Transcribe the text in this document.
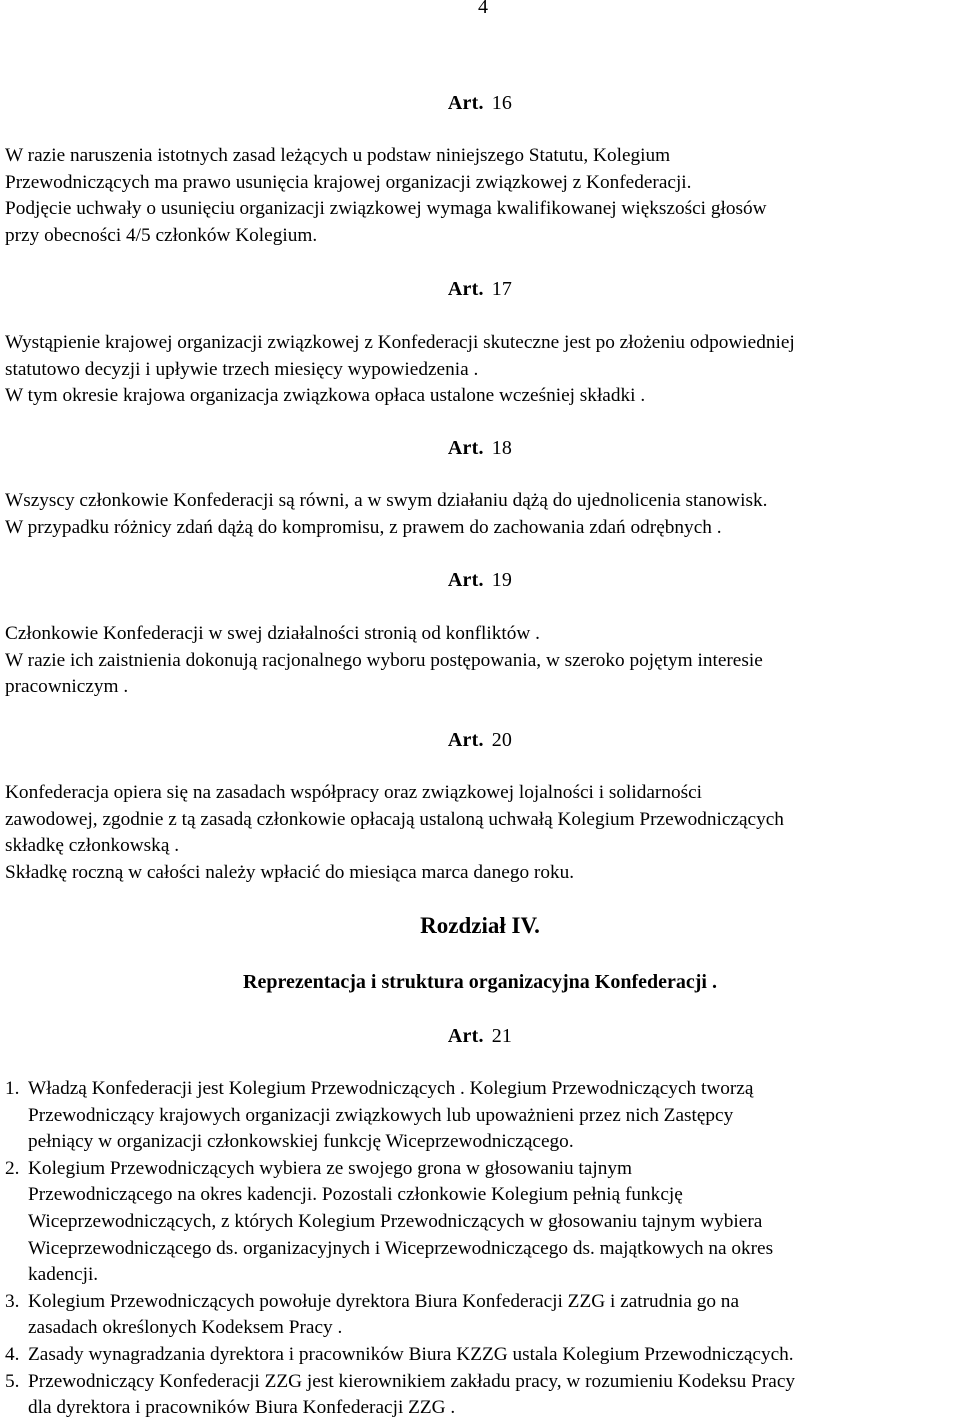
4
Art. 16
W razie naruszenia istotnych zasad leżących u podstaw niniejszego Statutu, Kolegium
Przewodniczących ma prawo usunięcia krajowej organizacji związkowej z Konfederacji.
Podjęcie uchwały o usunięciu organizacji związkowej wymaga kwalifikowanej większości głosów
przy obecności 4/5 członków Kolegium.
Art. 17
Wystąpienie krajowej organizacji związkowej z Konfederacji skuteczne jest po złożeniu odpowiedniej
statutowo decyzji i upływie trzech miesięcy wypowiedzenia .
W tym okresie krajowa organizacja związkowa opłaca ustalone wcześniej składki .
Art. 18
Wszyscy członkowie Konfederacji są równi, a w swym działaniu dążą do ujednolicenia stanowisk.
W przypadku różnicy zdań dążą do kompromisu, z prawem do zachowania zdań odrębnych .
Art. 19
Członkowie Konfederacji w swej działalności stronią od konfliktów .
W razie ich zaistnienia dokonują racjonalnego wyboru postępowania, w szeroko pojętym interesie
pracowniczym .
Art. 20
Konfederacja opiera się na zasadach współpracy oraz związkowej lojalności i solidarności
zawodowej, zgodnie z tą zasadą członkowie opłacają ustaloną uchwałą Kolegium Przewodniczących
składkę członkowską .
Składkę roczną w całości należy wpłacić do miesiąca marca danego roku.
Rozdział IV.
Reprezentacja i struktura organizacyjna Konfederacji .
Art. 21
1. Władzą Konfederacji jest Kolegium Przewodniczących . Kolegium Przewodniczących tworzą
Przewodniczący krajowych organizacji związkowych lub upoważnieni przez nich Zastępcy
pełniący w organizacji członkowskiej funkcję Wiceprzewodniczącego.
2. Kolegium Przewodniczących wybiera ze swojego grona w głosowaniu tajnym
Przewodniczącego na okres kadencji. Pozostali członkowie Kolegium pełnią funkcję
Wiceprzewodniczących, z których Kolegium Przewodniczących w głosowaniu tajnym wybiera
Wiceprzewodniczącego ds. organizacyjnych i Wiceprzewodniczącego ds. majątkowych na okres
kadencji.
3. Kolegium Przewodniczących powołuje dyrektora Biura Konfederacji ZZG i zatrudnia go na
zasadach określonych Kodeksem Pracy .
4. Zasady wynagradzania dyrektora i pracowników Biura KZZG ustala Kolegium Przewodniczących.
5. Przewodniczący Konfederacji ZZG jest kierownikiem zakładu pracy, w rozumieniu Kodeksu Pracy
dla dyrektora i pracowników Biura Konfederacji ZZG .
